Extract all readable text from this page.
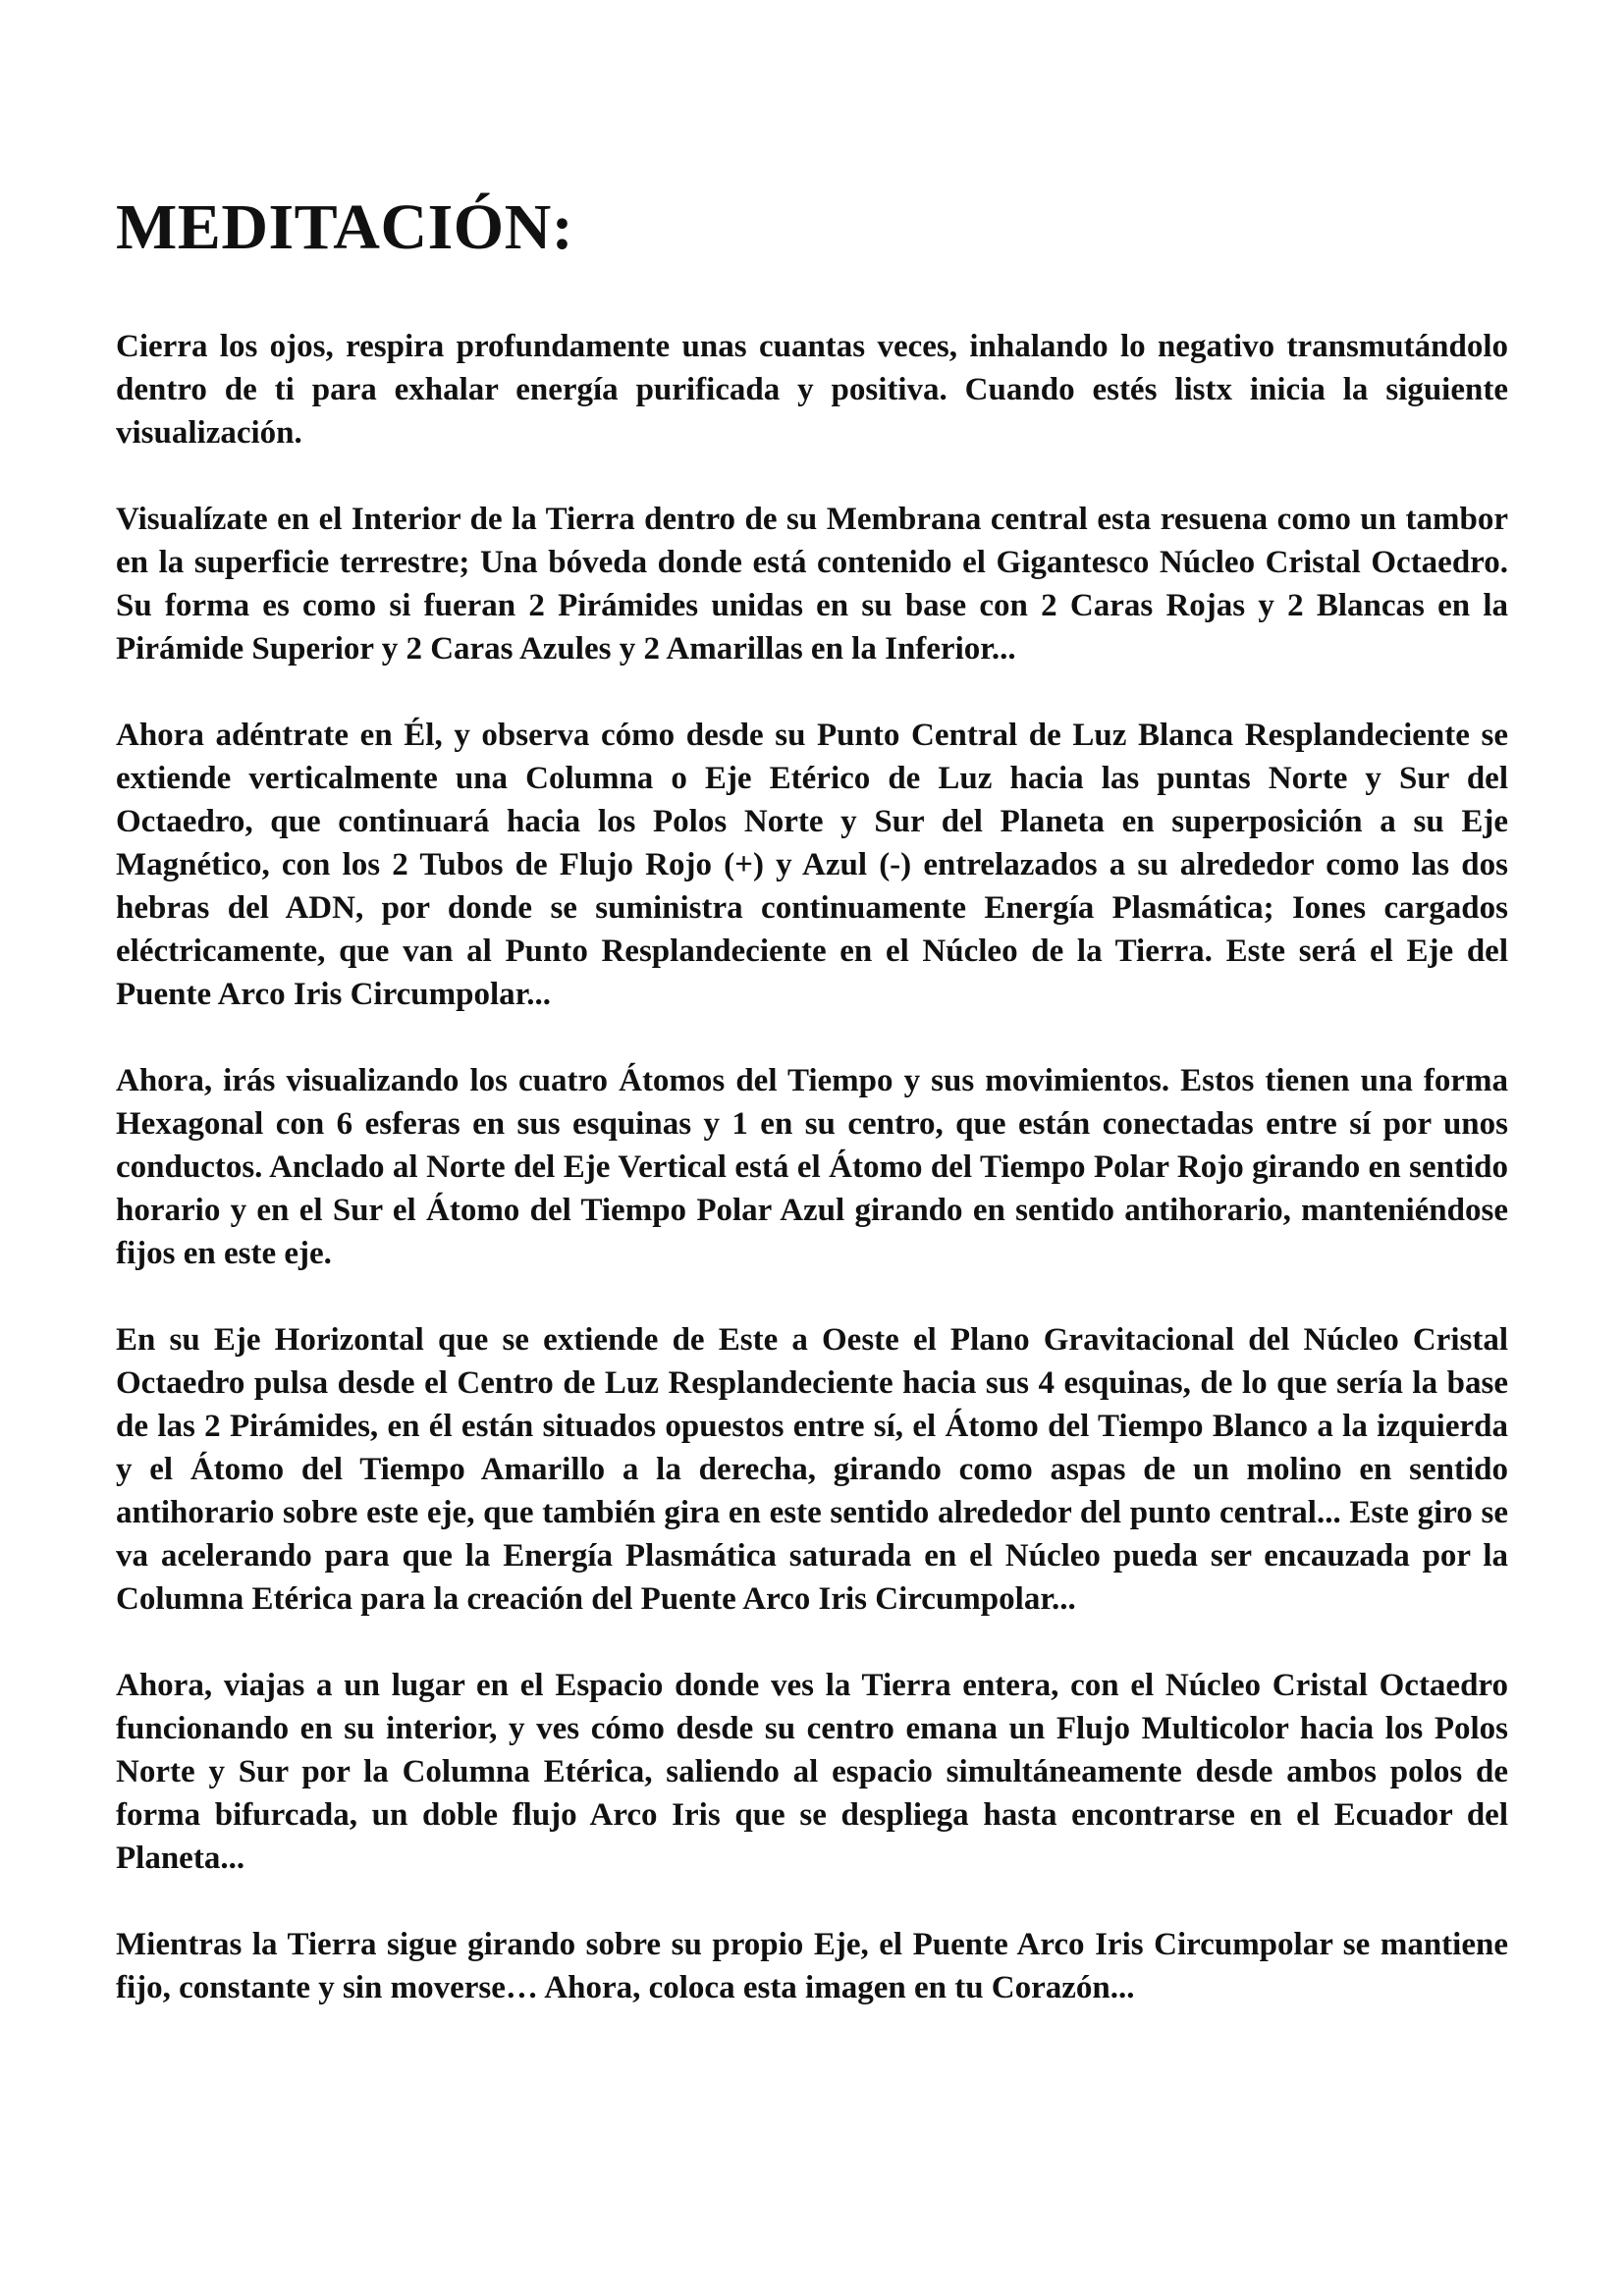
MEDITACIÓN:

Cierra los ojos, respira profundamente unas cuantas veces, inhalando lo negativo transmutándolo dentro de ti para exhalar energía purificada y positiva. Cuando estés listx inicia la siguiente visualización.

Visualízate en el Interior de la Tierra dentro de su Membrana central esta resuena como un tambor en la superficie terrestre; Una bóveda donde está contenido el Gigantesco Núcleo Cristal Octaedro. Su forma es como si fueran 2 Pirámides unidas en su base con 2 Caras Rojas y 2 Blancas en la Pirámide Superior y 2 Caras Azules y 2 Amarillas en la Inferior...

Ahora adéntrate en Él, y observa cómo desde su Punto Central de Luz Blanca Resplandeciente se extiende verticalmente una Columna o Eje Etérico de Luz hacia las puntas Norte y Sur del Octaedro, que continuará hacia los Polos Norte y Sur del Planeta en superposición a su Eje Magnético, con los 2 Tubos de Flujo Rojo (+) y Azul (-) entrelazados a su alrededor como las dos hebras del ADN, por donde se suministra continuamente Energía Plasmática; Iones cargados eléctricamente, que van al Punto Resplandeciente en el Núcleo de la Tierra. Este será el Eje del Puente Arco Iris Circumpolar...

Ahora, irás visualizando los cuatro Átomos del Tiempo y sus movimientos. Estos tienen una forma Hexagonal con 6 esferas en sus esquinas y 1 en su centro, que están conectadas entre sí por unos conductos. Anclado al Norte del Eje Vertical está el Átomo del Tiempo Polar Rojo girando en sentido horario y en el Sur el Átomo del Tiempo Polar Azul girando en sentido antihorario, manteniéndose fijos en este eje.

En su Eje Horizontal que se extiende de Este a Oeste el Plano Gravitacional del Núcleo Cristal Octaedro pulsa desde el Centro de Luz Resplandeciente hacia sus 4 esquinas, de lo que sería la base de las 2 Pirámides, en él están situados opuestos entre sí, el Átomo del Tiempo Blanco a la izquierda y el Átomo del Tiempo Amarillo a la derecha, girando como aspas de un molino en sentido antihorario sobre este eje, que también gira en este sentido alrededor del punto central... Este giro se va acelerando para que la Energía Plasmática saturada en el Núcleo pueda ser encauzada por la Columna Etérica para la creación del Puente Arco Iris Circumpolar...

Ahora, viajas a un lugar en el Espacio donde ves la Tierra entera, con el Núcleo Cristal Octaedro funcionando en su interior, y ves cómo desde su centro emana un Flujo Multicolor hacia los Polos Norte y Sur por la Columna Etérica, saliendo al espacio simultáneamente desde ambos polos de forma bifurcada, un doble flujo Arco Iris que se despliega hasta encontrarse en el Ecuador del Planeta...

Mientras la Tierra sigue girando sobre su propio Eje, el Puente Arco Iris Circumpolar se mantiene fijo, constante y sin moverse… Ahora, coloca esta imagen en tu Corazón...
